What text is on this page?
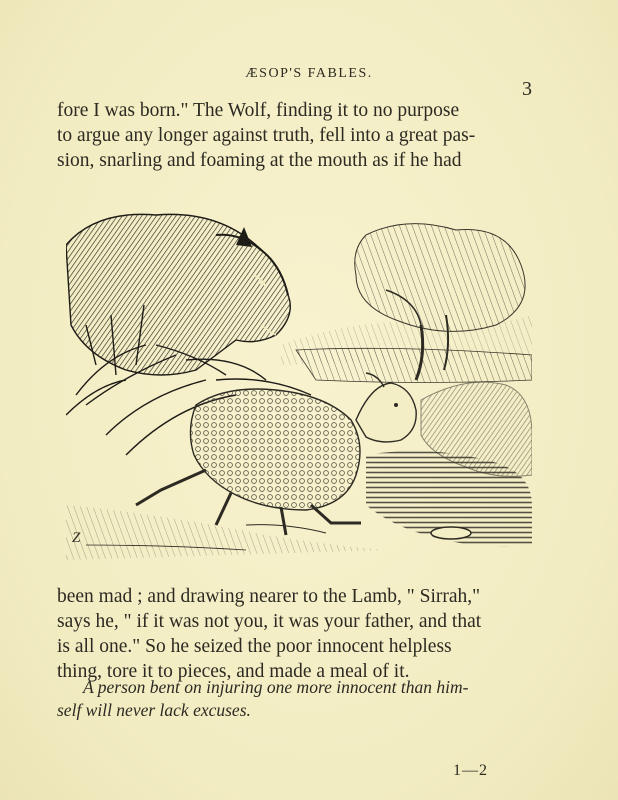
ÆSOP'S FABLES.
3

fore I was born." The Wolf, finding it to no purpose

to argue any longer against truth, fell into a great pas-

sion, snarling and foaming at the mouth as if he had

Z

been mad ; and drawing nearer to the Lamb, " Sirrah,"

says he, " if it was not you, it was your father, and that

is all one." So he seized the poor innocent helpless

thing, tore it to pieces, and made a meal of it.

A person bent on injuring one more innocent than him-

self will never lack excuses.

1—2
